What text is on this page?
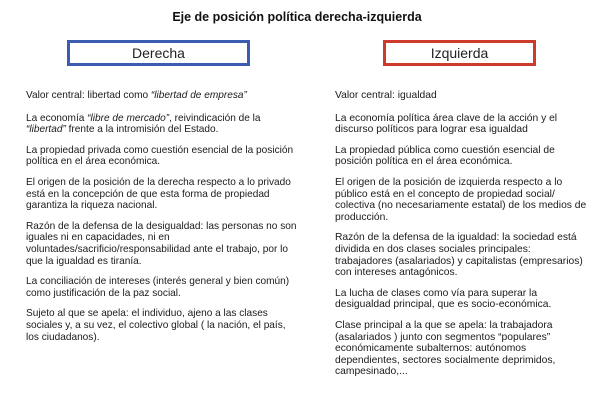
Eje de posición política derecha-izquierda
Derecha	Izquierda

Valor central: libertad como “libertad de empresa”

La economía “libre de mercado”, reivindicación de la “libertad” frente a la intromisión del Estado.

La propiedad privada como cuestión esencial de la posición política en el área económica.

El origen de la posición de la derecha respecto a lo privado está en la concepción de que esta forma de propiedad garantiza la riqueza nacional.

Razón de la defensa de la desigualdad: las personas no son iguales ni en capacidades, ni en voluntades/sacrificio/responsabilidad ante el trabajo, por lo que la igualdad es tiranía.

La conciliación de intereses (interés general y bien común) como justificación de la paz social.

Sujeto al que se apela: el individuo, ajeno a las clases sociales y, a su vez, el colectivo global ( la nación, el país, los ciudadanos).

Valor central: igualdad

La economía política área clave de la acción y el discurso políticos para lograr esa igualdad

La propiedad pública como cuestión esencial de posición política en el área económica.

El origen de la posición de izquierda respecto a lo público está en el concepto de propiedad social/ colectiva (no necesariamente estatal) de los medios de producción.

Razón de la defensa de la igualdad: la sociedad está dividida en dos clases sociales principales: trabajadores (asalariados) y capitalistas (empresarios) con intereses antagónicos.

La lucha de clases como vía para superar la desigualdad principal, que es socio-económica.

Clase principal a la que se apela: la trabajadora (asalariados ) junto con segmentos “populares” económicamente subalternos: autónomos dependientes, sectores socialmente deprimidos, campesinado,...
